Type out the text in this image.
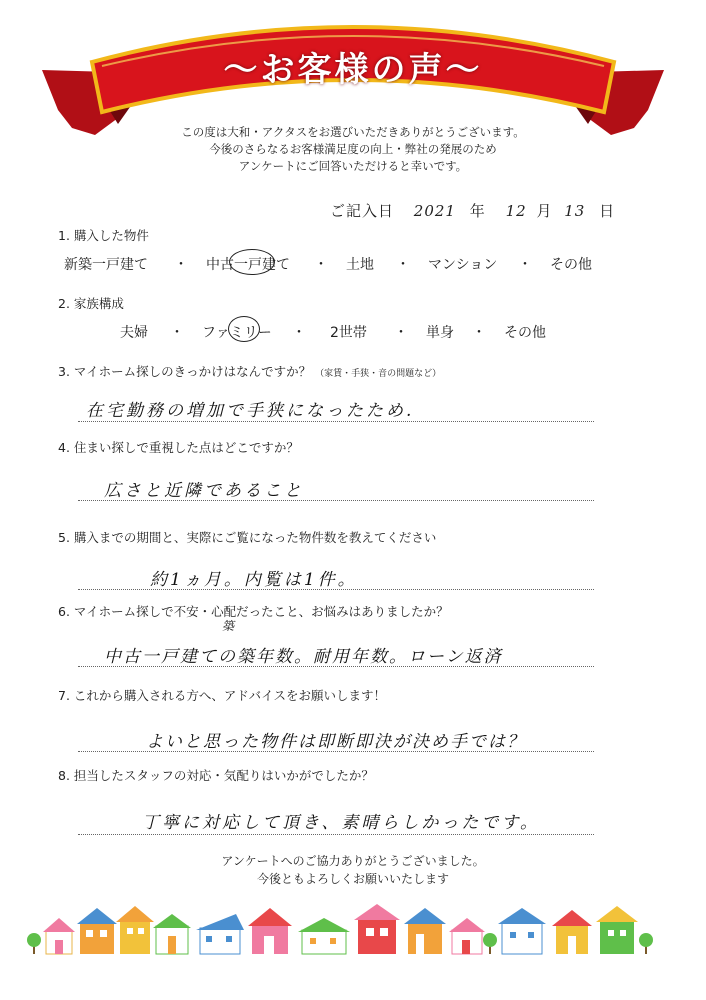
〜お客様の声〜
この度は大和・アクタスをお選びいただきありがとうございます。
今後のさらなるお客様満足度の向上・弊社の発展のため
アンケートにご回答いただけると幸いです。
ご記入日 2021 年 12 月 13 日
1. 購入した物件
新築一戸建て ・ 中古一戸建て ・ 土地 ・ マンション ・ その他
2. 家族構成
夫婦 ・ ファミリー ・ 2世帯 ・ 単身 ・ その他
3. マイホーム探しのきっかけはなんですか？ （家賃・手狭・音の問題など）
在宅勤務の増加で手狭になったため.
4. 住まい探しで重視した点はどこですか？
広さと近隣であること
5. 購入までの期間と、実際にご覧になった物件数を教えてください
約1ヵ月。内覧は1件。
6. マイホーム探しで不安・心配だったこと、お悩みはありましたか？
築
中古一戸建ての築年数。耐用年数。ローン返済
7. これから購入される方へ、アドバイスをお願いします！
よいと思った物件は即断即決が決め手では？
8. 担当したスタッフの対応・気配りはいかがでしたか？
丁寧に対応して頂き、素晴らしかったです。
アンケートへのご協力ありがとうございました。
今後ともよろしくお願いいたします
